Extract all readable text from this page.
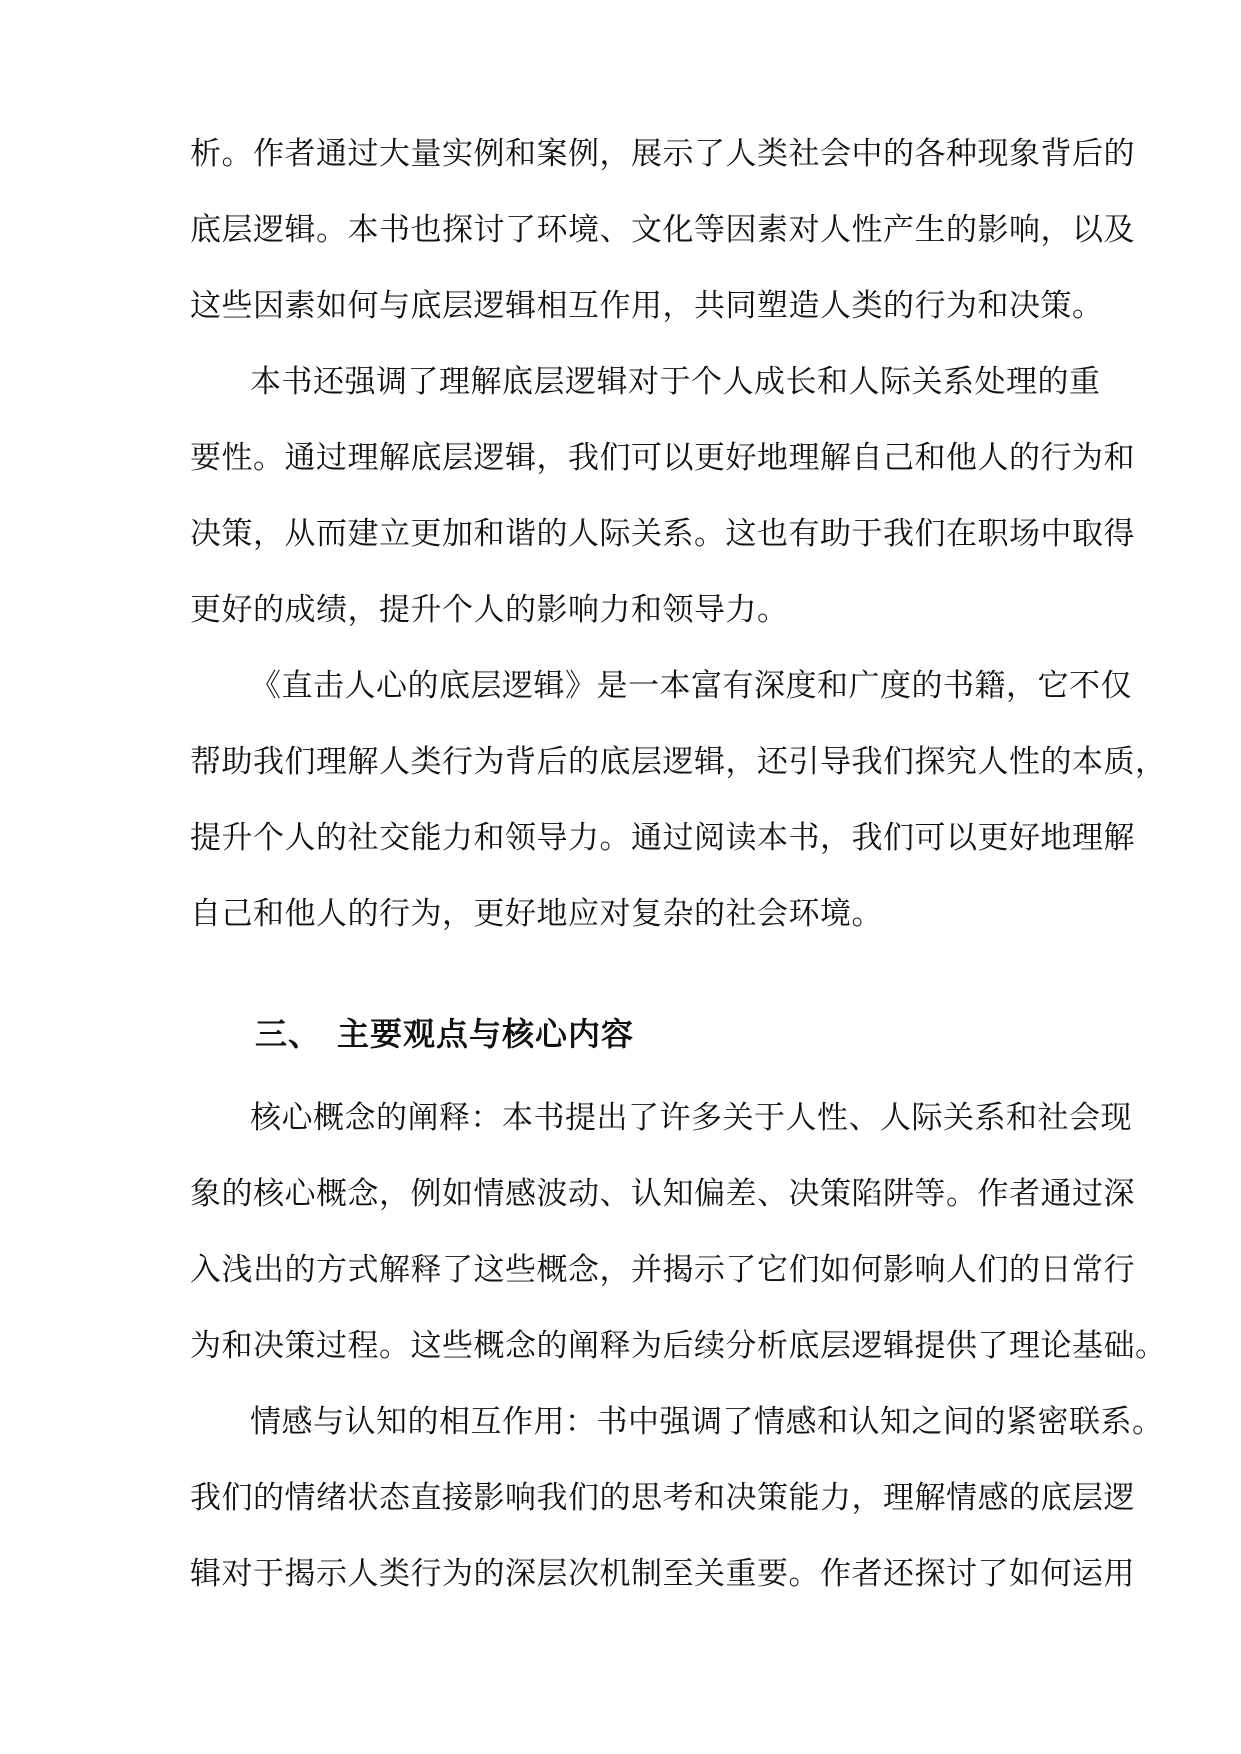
析。作者通过大量实例和案例，展示了人类社会中的各种现象背后的
底层逻辑。本书也探讨了环境、文化等因素对人性产生的影响，以及
这些因素如何与底层逻辑相互作用，共同塑造人类的行为和决策。
本书还强调了理解底层逻辑对于个人成长和人际关系处理的重
要性。通过理解底层逻辑，我们可以更好地理解自己和他人的行为和
决策，从而建立更加和谐的人际关系。这也有助于我们在职场中取得
更好的成绩，提升个人的影响力和领导力。
《直击人心的底层逻辑》是一本富有深度和广度的书籍，它不仅
帮助我们理解人类行为背后的底层逻辑，还引导我们探究人性的本质，
提升个人的社交能力和领导力。通过阅读本书，我们可以更好地理解
自己和他人的行为，更好地应对复杂的社会环境。
三、 主要观点与核心内容
核心概念的阐释：本书提出了许多关于人性、人际关系和社会现
象的核心概念，例如情感波动、认知偏差、决策陷阱等。作者通过深
入浅出的方式解释了这些概念，并揭示了它们如何影响人们的日常行
为和决策过程。这些概念的阐释为后续分析底层逻辑提供了理论基础。
情感与认知的相互作用：书中强调了情感和认知之间的紧密联系。
我们的情绪状态直接影响我们的思考和决策能力，理解情感的底层逻
辑对于揭示人类行为的深层次机制至关重要。作者还探讨了如何运用
